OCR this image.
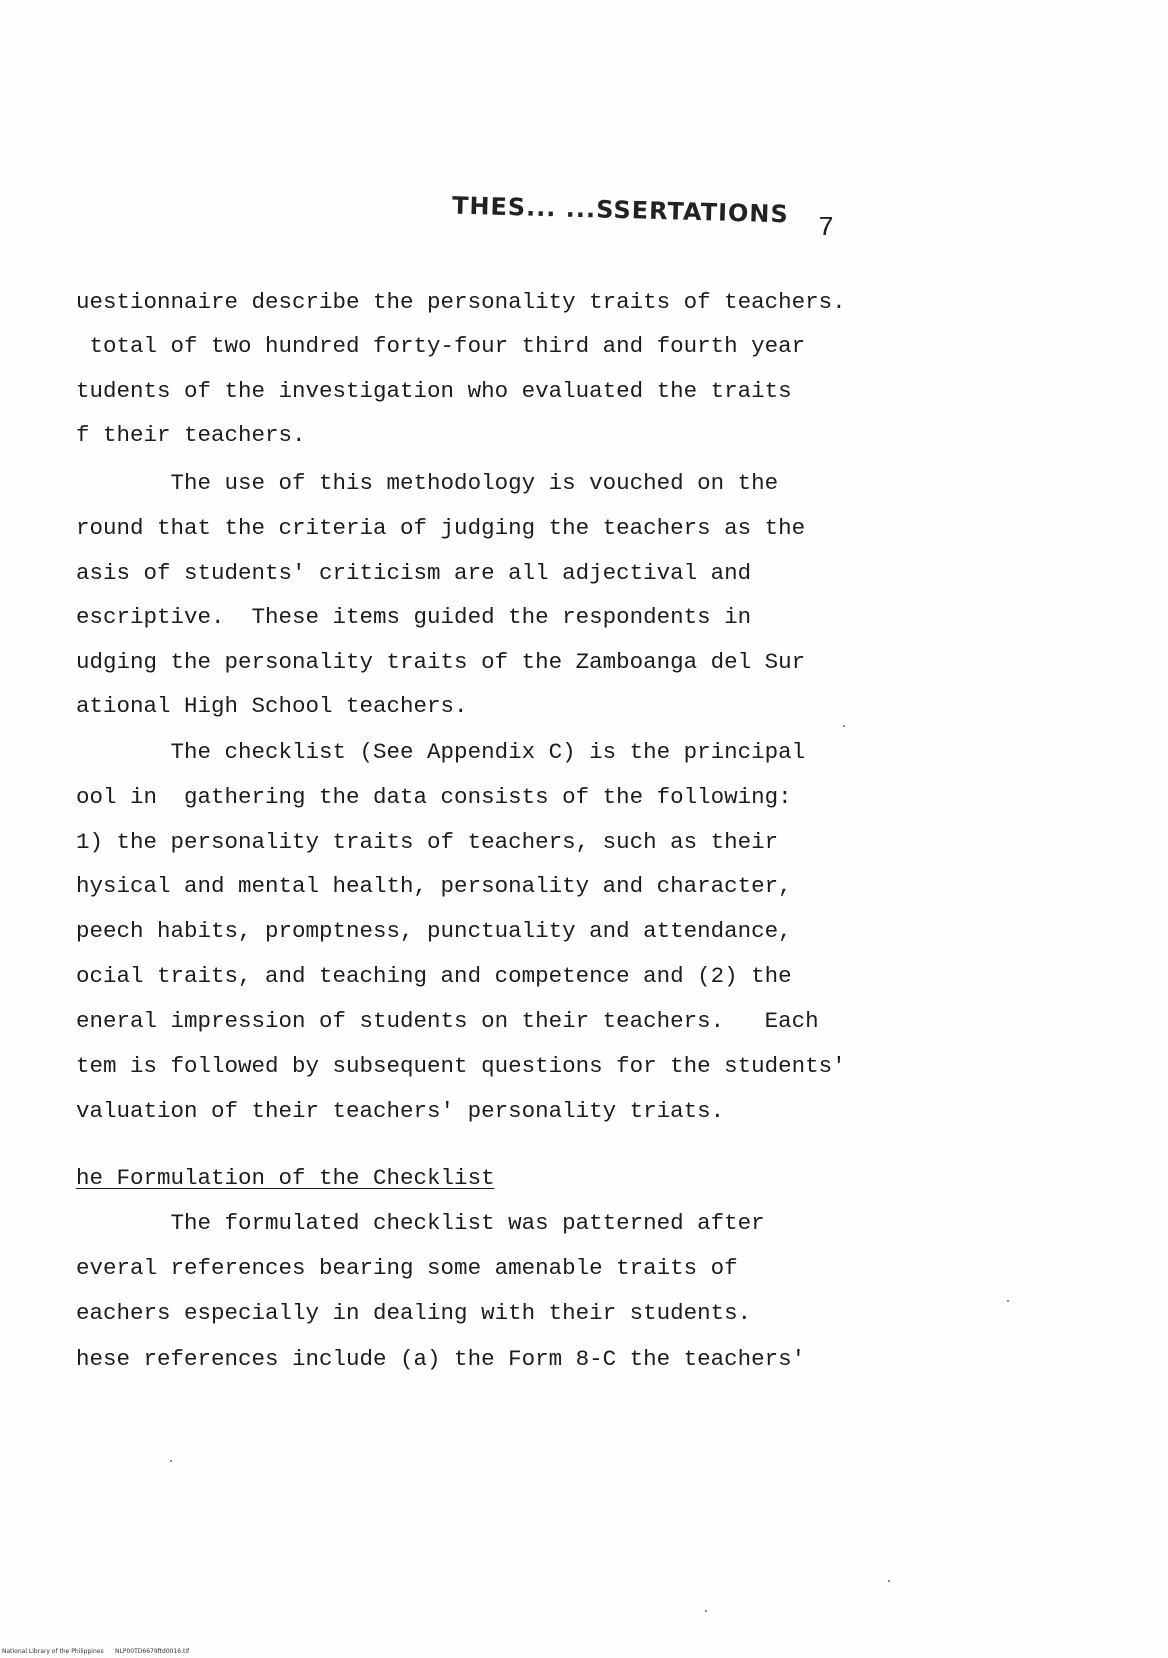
THES... ...SSERTATIONS
7
uestionnaire describe the personality traits of teachers.
total of two hundred forty-four third and fourth year
tudents of the investigation who evaluated the traits
f their teachers.
The use of this methodology is vouched on the
round that the criteria of judging the teachers as the
asis of students' criticism are all adjectival and
escriptive.  These items guided the respondents in
udging the personality traits of the Zamboanga del Sur
ational High School teachers.
The checklist (See Appendix C) is the principal
ool in  gathering the data consists of the following:
1) the personality traits of teachers, such as their
hysical and mental health, personality and character,
peech habits, promptness, punctuality and attendance,
ocial traits, and teaching and competence and (2) the
eneral impression of students on their teachers.   Each
tem is followed by subsequent questions for the students'
valuation of their teachers' personality triats.
he Formulation of the Checklist
The formulated checklist was patterned after
everal references bearing some amenable traits of
eachers especially in dealing with their students.
hese references include (a) the Form 8-C the teachers'
National Library of the Philippines NLP00TD6679ftd0016.tif
